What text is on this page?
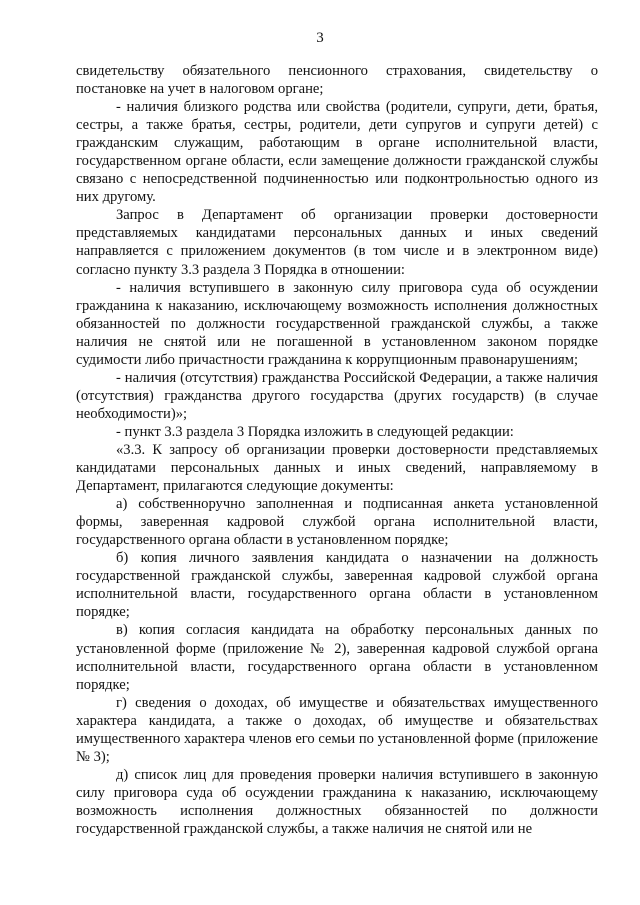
3

свидетельству обязательного пенсионного страхования, свидетельству о постановке на учет в налоговом органе;

- наличия близкого родства или свойства (родители, супруги, дети, братья, сестры, а также братья, сестры, родители, дети супругов и супруги детей) с гражданским служащим, работающим в органе исполнительной власти, государственном органе области, если замещение должности гражданской службы связано с непосредственной подчиненностью или подконтрольностью одного из них другому.

Запрос в Департамент об организации проверки достоверности представляемых кандидатами персональных данных и иных сведений направляется с приложением документов (в том числе и в электронном виде) согласно пункту 3.3 раздела 3 Порядка в отношении:

- наличия вступившего в законную силу приговора суда об осуждении гражданина к наказанию, исключающему возможность исполнения должностных обязанностей по должности государственной гражданской службы, а также наличия не снятой или не погашенной в установленном законом порядке судимости либо причастности гражданина к коррупционным правонарушениям;

- наличия (отсутствия) гражданства Российской Федерации, а также наличия (отсутствия) гражданства другого государства (других государств) (в случае необходимости)»;

- пункт 3.3 раздела 3 Порядка изложить в следующей редакции:

«3.3. К запросу об организации проверки достоверности представляемых кандидатами персональных данных и иных сведений, направляемому в Департамент, прилагаются следующие документы:

а) собственноручно заполненная и подписанная анкета установленной формы, заверенная кадровой службой органа исполнительной власти, государственного органа области в установленном порядке;

б) копия личного заявления кандидата о назначении на должность государственной гражданской службы, заверенная кадровой службой органа исполнительной власти, государственного органа области в установленном порядке;

в) копия согласия кандидата на обработку персональных данных по установленной форме (приложение № 2), заверенная кадровой службой органа исполнительной власти, государственного органа области в установленном порядке;

г) сведения о доходах, об имуществе и обязательствах имущественного характера кандидата, а также о доходах, об имуществе и обязательствах имущественного характера членов его семьи по установленной форме (приложение № 3);

д) список лиц для проведения проверки наличия вступившего в законную силу приговора суда об осуждении гражданина к наказанию, исключающему возможность исполнения должностных обязанностей по должности государственной гражданской службы, а также наличия не снятой или не
